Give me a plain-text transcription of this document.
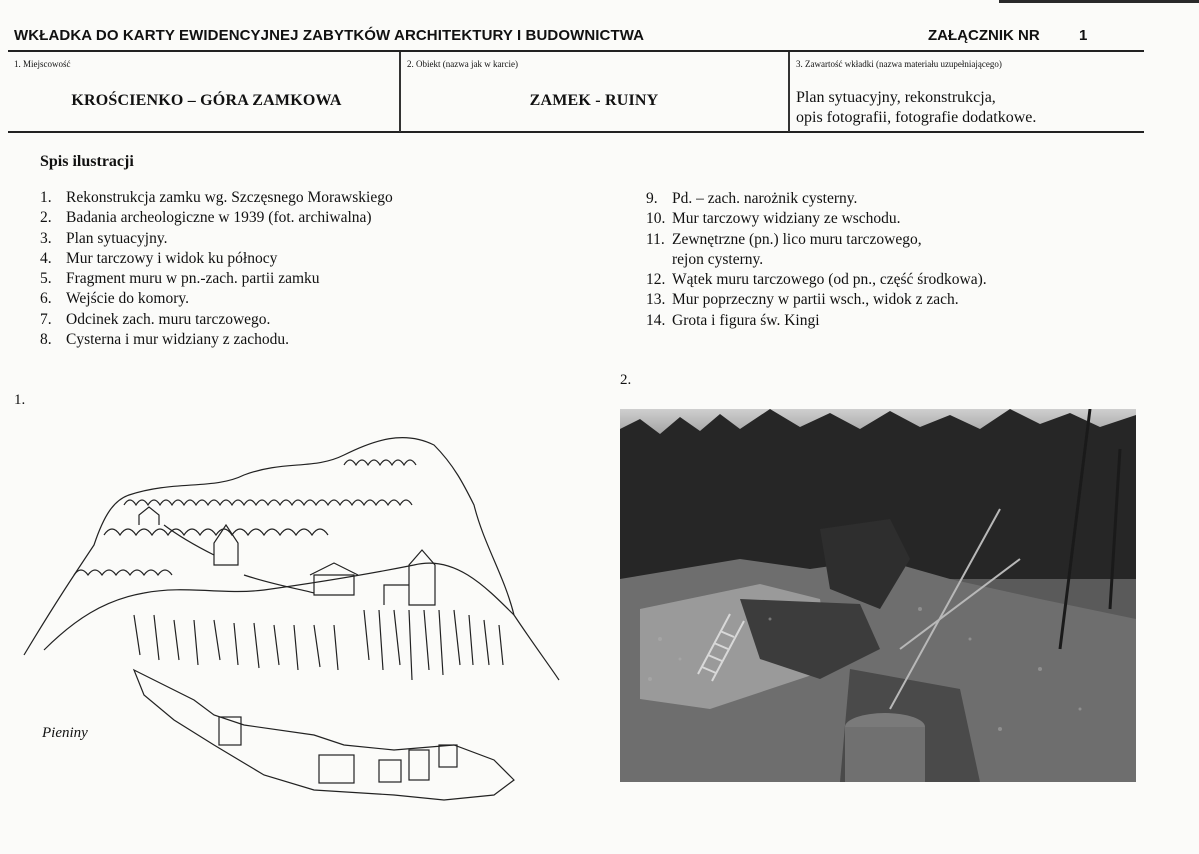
WKŁADKA DO KARTY EWIDENCYJNEJ ZABYTKÓW ARCHITEKTURY I BUDOWNICTWA	ZAŁĄCZNIK NR	1
1. Miejscowość
KROŚCIENKO – GÓRA ZAMKOWA
2. Obiekt (nazwa jak w karcie)
ZAMEK - RUINY
3. Zawartość wkładki (nazwa materiału uzupełniającego)
Plan sytuacyjny, rekonstrukcja,
opis fotografii, fotografie dodatkowe.
Spis ilustracji
1. Rekonstrukcja zamku wg. Szczęsnego Morawskiego
2. Badania archeologiczne w 1939 (fot. archiwalna)
3. Plan sytuacyjny.
4. Mur tarczowy i widok ku północy
5. Fragment muru w pn.-zach. partii zamku
6. Wejście do komory.
7. Odcinek zach. muru tarczowego.
8. Cysterna i mur widziany z zachodu.
9. Pd. – zach. narożnik cysterny.
10. Mur tarczowy widziany ze wschodu.
11. Zewnętrzne (pn.) lico muru tarczowego,
rejon cysterny.
12. Wątek muru tarczowego (od pn., część środkowa).
13. Mur poprzeczny w partii wsch., widok z zach.
14. Grota i figura św. Kingi
1.
2.
Pieniny
